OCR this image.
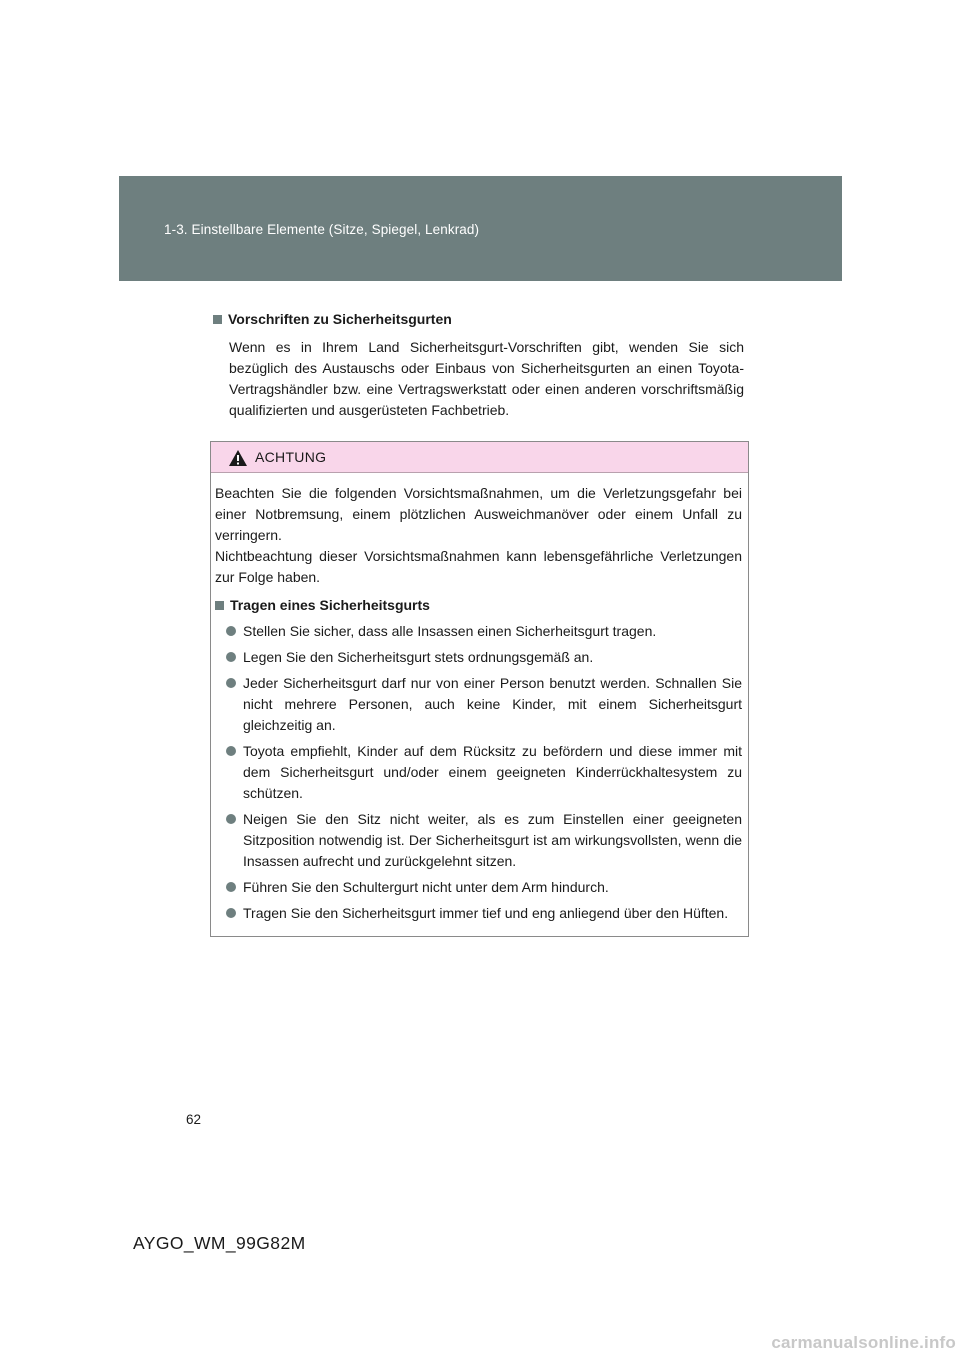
1-3. Einstellbare Elemente (Sitze, Spiegel, Lenkrad)

Vorschriften zu Sicherheitsgurten

Wenn es in Ihrem Land Sicherheitsgurt-Vorschriften gibt, wenden Sie sich bezüglich des Austauschs oder Einbaus von Sicherheitsgurten an einen Toyota-Vertragshändler bzw. eine Vertragswerkstatt oder einen anderen vorschriftsmäßig qualifizierten und ausgerüsteten Fachbetrieb.

ACHTUNG

Beachten Sie die folgenden Vorsichtsmaßnahmen, um die Verletzungsgefahr bei einer Notbremsung, einem plötzlichen Ausweichmanöver oder einem Unfall zu verringern.

Nichtbeachtung dieser Vorsichtsmaßnahmen kann lebensgefährliche Verletzungen zur Folge haben.

Tragen eines Sicherheitsgurts

Stellen Sie sicher, dass alle Insassen einen Sicherheitsgurt tragen.
Legen Sie den Sicherheitsgurt stets ordnungsgemäß an.
Jeder Sicherheitsgurt darf nur von einer Person benutzt werden. Schnallen Sie nicht mehrere Personen, auch keine Kinder, mit einem Sicherheitsgurt gleichzeitig an.
Toyota empfiehlt, Kinder auf dem Rücksitz zu befördern und diese immer mit dem Sicherheitsgurt und/oder einem geeigneten Kinderrückhaltesystem zu schützen.
Neigen Sie den Sitz nicht weiter, als es zum Einstellen einer geeigneten Sitzposition notwendig ist. Der Sicherheitsgurt ist am wirkungsvollsten, wenn die Insassen aufrecht und zurückgelehnt sitzen.
Führen Sie den Schultergurt nicht unter dem Arm hindurch.
Tragen Sie den Sicherheitsgurt immer tief und eng anliegend über den Hüften.
62
AYGO_WM_99G82M
carmanualsonline.info
